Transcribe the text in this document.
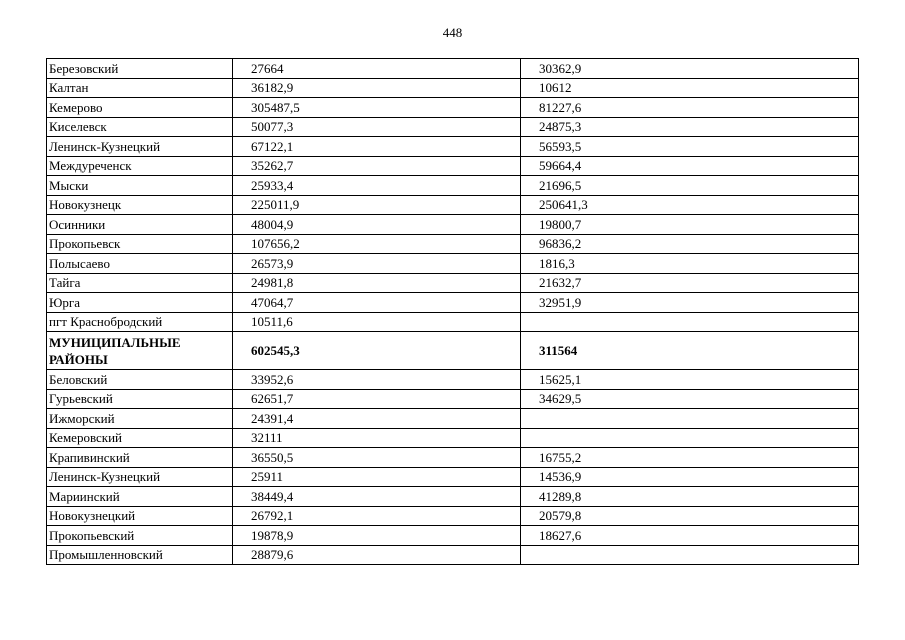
448
Березовский	27664	30362,9
Калтан	36182,9	10612
Кемерово	305487,5	81227,6
Киселевск	50077,3	24875,3
Ленинск-Кузнецкий	67122,1	56593,5
Междуреченск	35262,7	59664,4
Мыски	25933,4	21696,5
Новокузнецк	225011,9	250641,3
Осинники	48004,9	19800,7
Прокопьевск	107656,2	96836,2
Полысаево	26573,9	1816,3
Тайга	24981,8	21632,7
Юрга	47064,7	32951,9
пгт Краснобродский	10511,6	
МУНИЦИПАЛЬНЫЕ РАЙОНЫ	602545,3	311564
Беловский	33952,6	15625,1
Гурьевский	62651,7	34629,5
Ижморский	24391,4	
Кемеровский	32111	
Крапивинский	36550,5	16755,2
Ленинск-Кузнецкий	25911	14536,9
Мариинский	38449,4	41289,8
Новокузнецкий	26792,1	20579,8
Прокопьевский	19878,9	18627,6
Промышленновский	28879,6	
